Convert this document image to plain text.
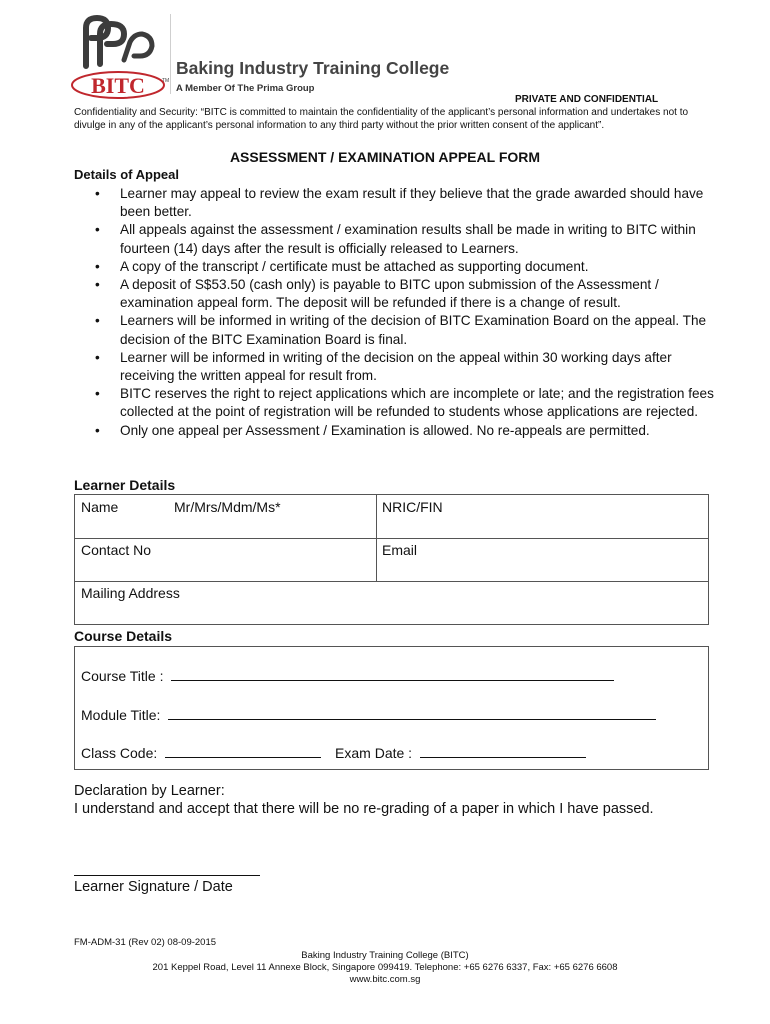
BITC	TM
Baking Industry Training College
A Member Of The Prima Group
PRIVATE AND CONFIDENTIAL
Confidentiality and Security: “BITC is committed to maintain the confidentiality of the applicant’s personal information and undertakes not to divulge in any of the applicant’s personal information to any third party without the prior written consent of the applicant”.
ASSESSMENT / EXAMINATION APPEAL FORM
Details of Appeal
• Learner may appeal to review the exam result if they believe that the grade awarded should have been better.
• All appeals against the assessment / examination results shall be made in writing to BITC within fourteen (14) days after the result is officially released to Learners.
• A copy of the transcript / certificate must be attached as supporting document.
• A deposit of S$53.50 (cash only) is payable to BITC upon submission of the Assessment / examination appeal form. The deposit will be refunded if there is a change of result.
• Learners will be informed in writing of the decision of BITC Examination Board on the appeal. The decision of the BITC Examination Board is final.
• Learner will be informed in writing of the decision on the appeal within 30 working days after receiving the written appeal for result from.
• BITC reserves the right to reject applications which are incomplete or late; and the registration fees collected at the point of registration will be refunded to students whose applications are rejected.
• Only one appeal per Assessment / Examination is allowed. No re-appeals are permitted.
Learner Details
Name	Mr/Mrs/Mdm/Ms*	NRIC/FIN
Contact No	Email
Mailing Address
Course Details
Course Title :
Module Title:
Class Code:	Exam Date :
Declaration by Learner:
I understand and accept that there will be no re-grading of a paper in which I have passed.
Learner Signature / Date
FM-ADM-31 (Rev 02) 08-09-2015
Baking Industry Training College (BITC)
201 Keppel Road, Level 11 Annexe Block, Singapore 099419. Telephone: +65 6276 6337, Fax: +65 6276 6608
www.bitc.com.sg
